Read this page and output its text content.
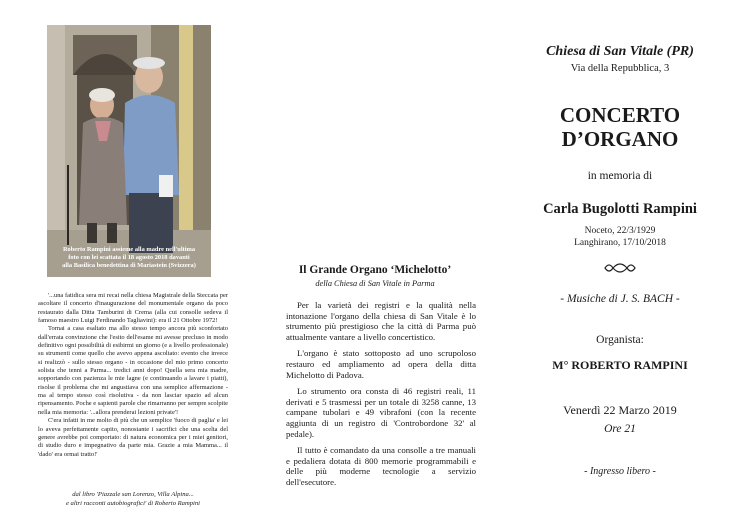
Roberto Rampini assieme alla madre nell'ultima
foto con lei scattata il 18 agosto 2018 davanti
alla Basilica benedettina di Mariastein (Svizzera)

'...una fatidica sera mi recai nella chiesa Magistrale della Steccata per ascoltare il concerto d'inaugurazione del monumentale organo da poco restaurato dalla Ditta Tamburini di Crema (alla cui consolle sedeva il famoso maestro Luigi Ferdinando Tagliavini): era il 21 Ottobre 1972!

Tornai a casa esaltato ma allo stesso tempo ancora più sconfortato dall'errata convinzione che l'esito dell'esame mi avesse precluso in modo definitivo ogni possibilità di esibirmi un giorno (e a livello professionale) su strumenti come quello che avevo appena ascoltato: evento che invece si realizzò - sullo stesso organo - in occasione del mio primo concerto solista che tenni a Parma... tredici anni dopo! Quella sera mia madre, sopportando con pazienza le mie lagne (e continuando a lavare i piatti), risolse il problema che mi angustiava con una semplice affermazione - ma al tempo stesso così risolutiva - da non lasciar spazio ad alcun ripensamento. Poche e sapienti parole che rimarranno per sempre scolpite nella mia memoria: '...allora prenderai lezioni private'!

C'era infatti in me molto di più che un semplice 'fuoco di paglia' e lei lo aveva perfettamente capito, nonostante i sacrifici che una scelta del genere avrebbe poi comportato: di natura economica per i miei genitori, di studio duro e impegnativo da parte mia. Grazie a mia Mamma... il 'dado' era ormai tratto!'

dal libro 'Piazzale san Lorenzo, Villa Alpina...
e altri racconti autobiografici' di Roberto Rampini
Il Grande Organo ‘Michelotto’
della Chiesa di San Vitale in Parma

Per la varietà dei registri e la qualità nella intonazione l'organo della chiesa di San Vitale è lo strumento più prestigioso che la città di Parma può attualmente vantare a livello concertistico.

L'organo è stato sottoposto ad uno scrupoloso restauro ed ampliamento ad opera della ditta Michelotto di Padova.

Lo strumento ora consta di 46 registri reali, 11 derivati e 5 trasmessi per un totale di 3258 canne, 13 campane tubolari e 49 vibrafoni (con la recente aggiunta di un registro di 'Controbordone 32' al pedale).

Il tutto è comandato da una consolle a tre manuali e pedaliera dotata di 800 memorie programmabili e delle più moderne tecnologie a servizio dell'esecutore.

Chiesa di San Vitale (PR)
Via della Repubblica, 3
CONCERTO
D’ORGANO
in memoria di
Carla Bugolotti Rampini
Noceto, 22/3/1929
Langhirano, 17/10/2018
- Musiche di J. S. BACH -
Organista:
M° ROBERTO RAMPINI
Venerdì 22 Marzo 2019
Ore 21
- Ingresso libero -
